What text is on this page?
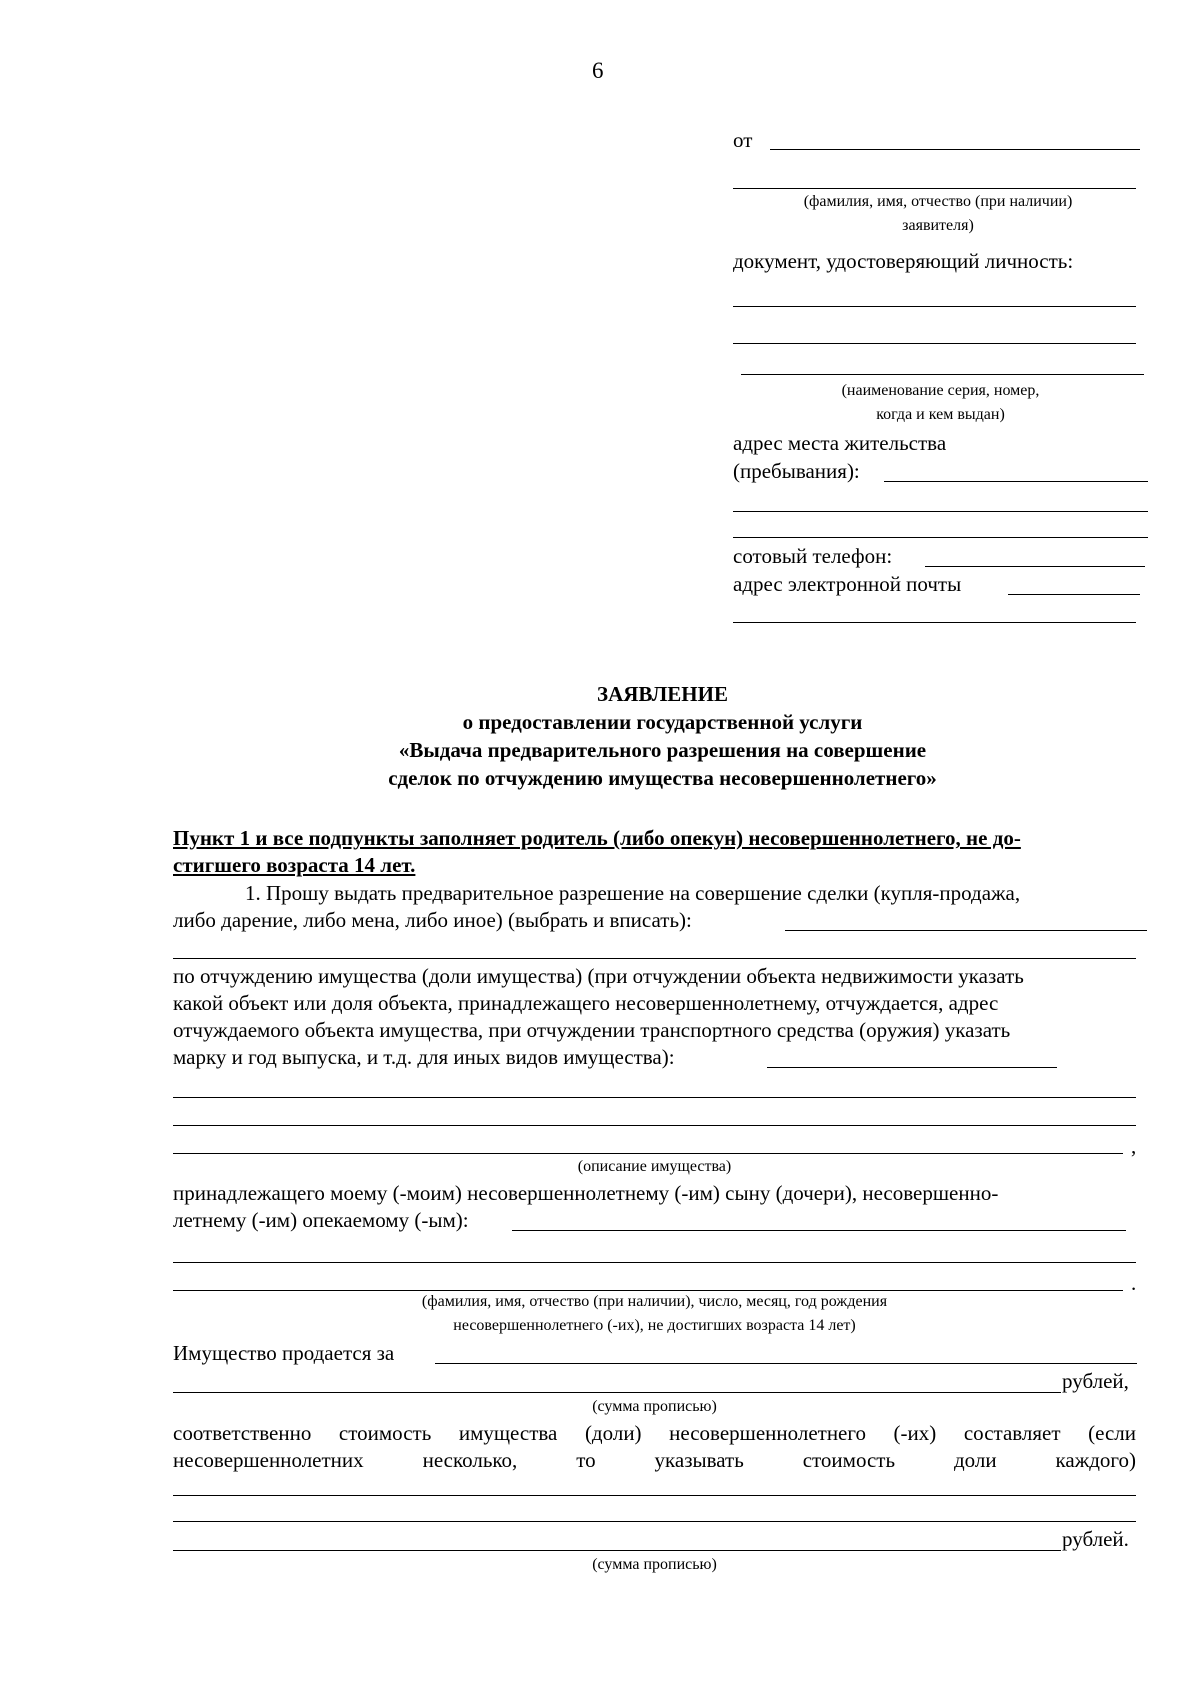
6
от
(фамилия, имя, отчество (при наличии)
заявителя)
документ, удостоверяющий личность:
(наименование серия, номер,
когда и кем выдан)
адрес места жительства
(пребывания):
сотовый телефон:
адрес электронной почты
ЗАЯВЛЕНИЕ
о предоставлении государственной услуги
«Выдача предварительного разрешения на совершение
сделок по отчуждению имущества несовершеннолетнего»
Пункт 1 и все подпункты заполняет родитель (либо опекун) несовершеннолетнего, не до-
стигшего возраста 14 лет.
1. Прошу выдать предварительное разрешение на совершение сделки (купля-продажа,
либо дарение, либо мена, либо иное) (выбрать и вписать):
по отчуждению имущества (доли имущества) (при отчуждении объекта недвижимости указать
какой объект или доля объекта, принадлежащего несовершеннолетнему, отчуждается, адрес
отчуждаемого объекта имущества, при отчуждении транспортного средства (оружия) указать
марку и год выпуска, и т.д. для иных видов имущества):
,
(описание имущества)
принадлежащего моему (-моим) несовершеннолетнему (-им) сыну (дочери), несовершенно-
летнему (-им) опекаемому (-ым):
.
(фамилия, имя, отчество (при наличии), число, месяц, год рождения
несовершеннолетнего (-их), не достигших возраста 14 лет)
Имущество продается за
рублей,
(сумма прописью)
соответственно стоимость имущества (доли) несовершеннолетнего (-их) составляет (если
несовершеннолетних несколько, то указывать стоимость доли каждого)
рублей.
(сумма прописью)
